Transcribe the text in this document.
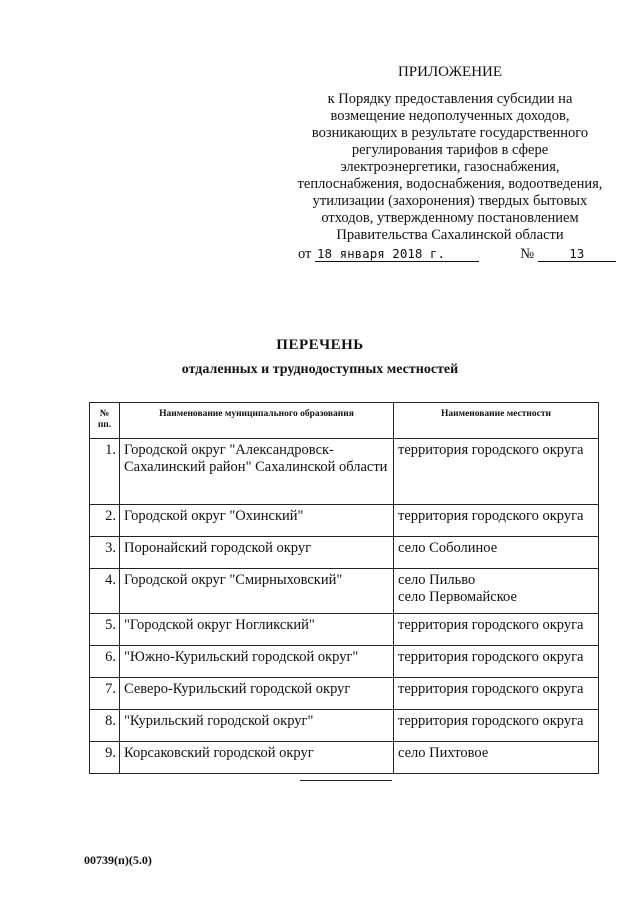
ПРИЛОЖЕНИЕ
к Порядку предоставления субсидии на
возмещение недополученных доходов,
возникающих в результате государственного
регулирования тарифов в сфере
электроэнергетики, газоснабжения,
теплоснабжения, водоснабжения, водоотведения,
утилизации (захоронения) твердых бытовых
отходов, утвержденному постановлением
Правительства Сахалинской области
от 18 января 2018 г.	№	13
ПЕРЕЧЕНЬ
отдаленных и труднодоступных местностей
№
пп.	Наименование муниципального образования	Наименование местности
1.	Городской округ "Александровск-Сахалинский район" Сахалинской области	территория городского округа

2.	Городской округ "Охинский"	территория городского округа

3.	Поронайский городской округ	село Соболиное

4.	Городской округ "Смирныховский"	село Пильво
село Первомайское

5.	"Городской округ Ногликский"	территория городского округа

6.	"Южно-Курильский городской округ"	территория городского округа

7.	Северо-Курильский городской округ	территория городского округа

8.	"Курильский городской округ"	территория городского округа

9.	Корсаковский городской округ	село Пихтовое
00739(п)(5.0)
